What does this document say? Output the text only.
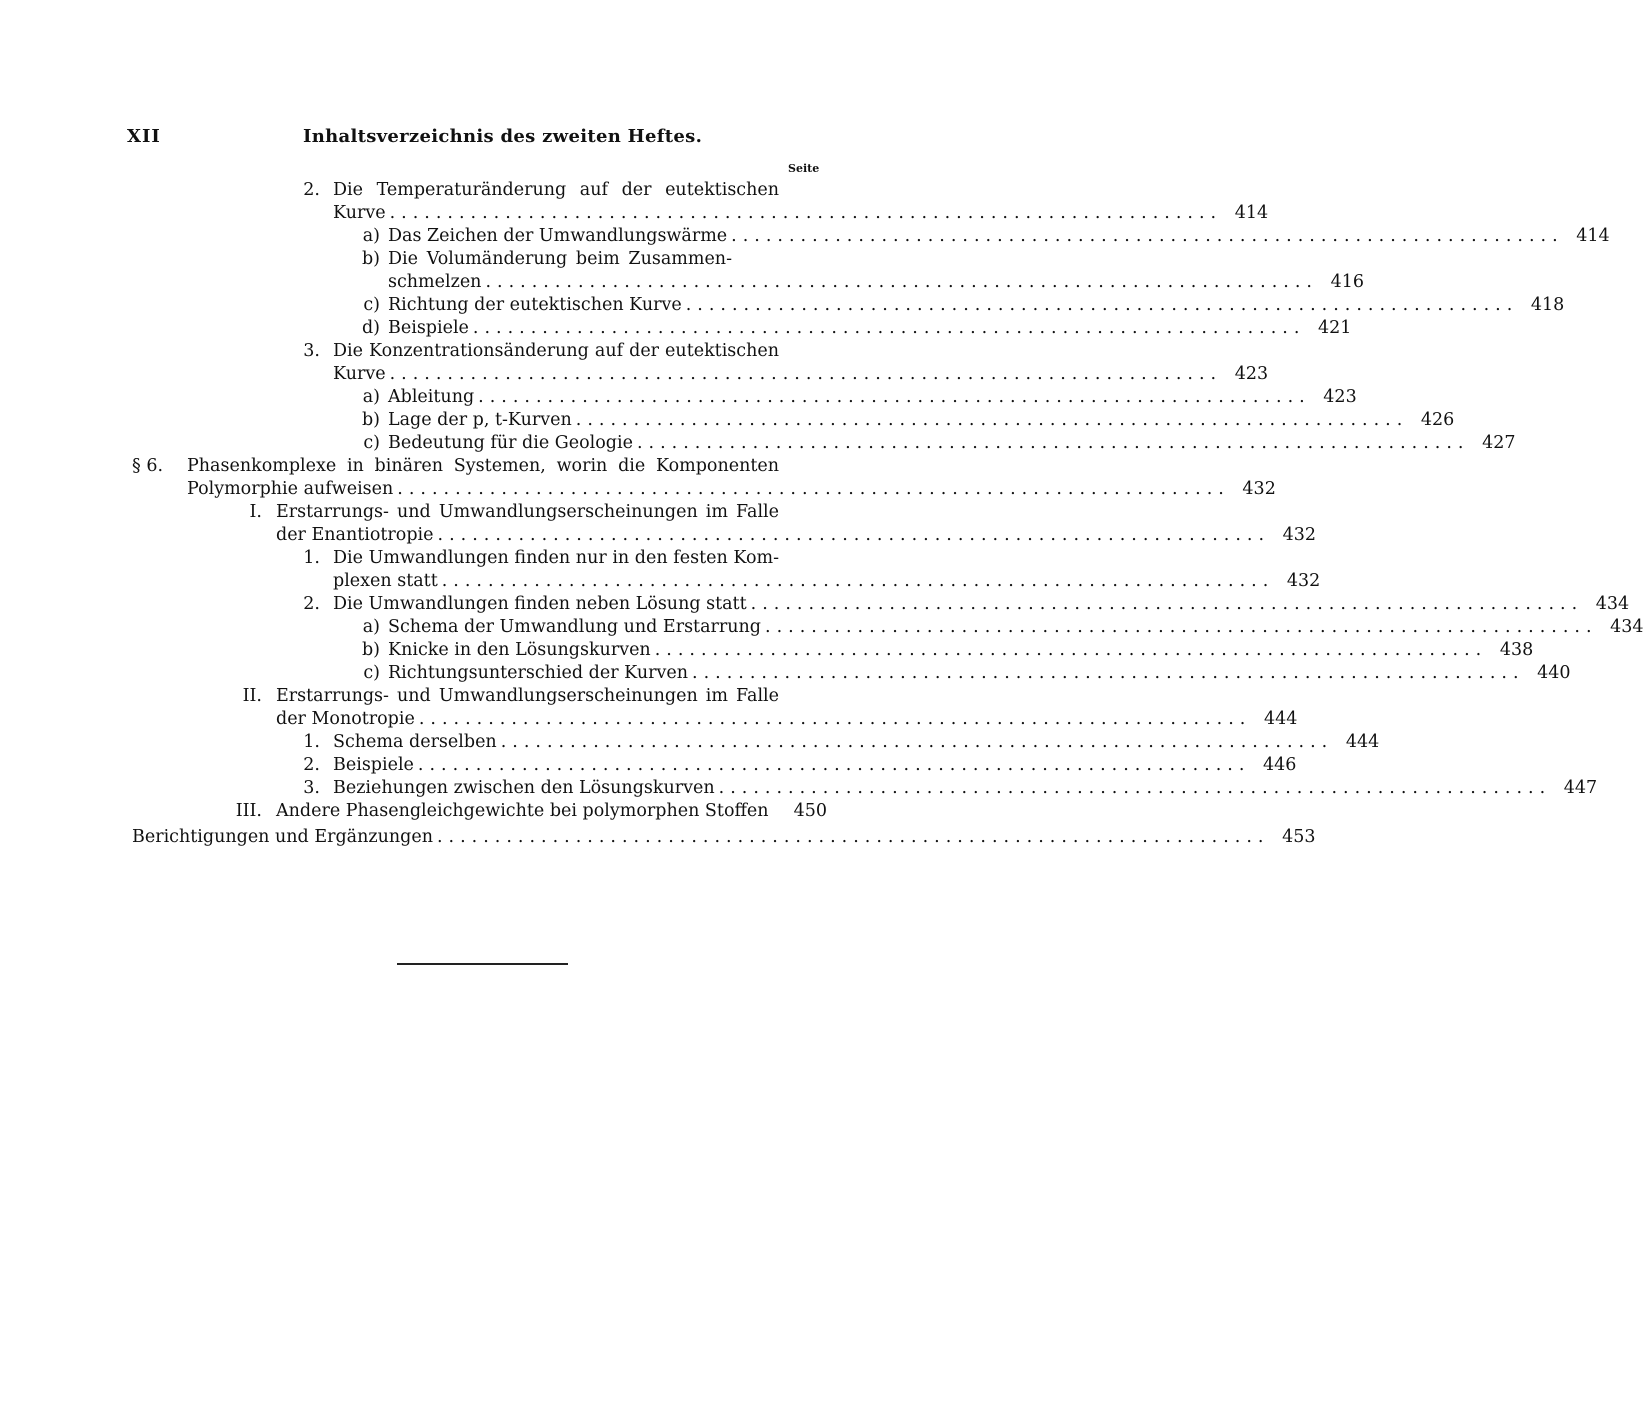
XII	Inhaltsverzeichnis des zweiten Heftes.
Seite
2. Die Temperaturänderung auf der eutektischen
Kurve ........................................................................ 414
a) Das Zeichen der Umwandlungswärme ........................................................................ 414
b) Die Volumänderung beim Zusammen-
schmelzen ........................................................................ 416
c) Richtung der eutektischen Kurve ........................................................................ 418
d) Beispiele ........................................................................ 421
3. Die Konzentrationsänderung auf der eutektischen
Kurve ........................................................................ 423
a) Ableitung ........................................................................ 423
b) Lage der p, t-Kurven ........................................................................ 426
c) Bedeutung für die Geologie ........................................................................ 427
§ 6. Phasenkomplexe in binären Systemen, worin die Komponenten
Polymorphie aufweisen ........................................................................ 432
I. Erstarrungs- und Umwandlungserscheinungen im Falle
der Enantiotropie ........................................................................ 432
1. Die Umwandlungen finden nur in den festen Kom-
plexen statt ........................................................................ 432
2. Die Umwandlungen finden neben Lösung statt ........................................................................ 434
a) Schema der Umwandlung und Erstarrung ........................................................................ 434
b) Knicke in den Lösungskurven ........................................................................ 438
c) Richtungsunterschied der Kurven ........................................................................ 440
II. Erstarrungs- und Umwandlungserscheinungen im Falle
der Monotropie ........................................................................ 444
1. Schema derselben ........................................................................ 444
2. Beispiele ........................................................................ 446
3. Beziehungen zwischen den Lösungskurven ........................................................................ 447
III. Andere Phasengleichgewichte bei polymorphen Stoffen	450
Berichtigungen und Ergänzungen ........................................................................ 453
